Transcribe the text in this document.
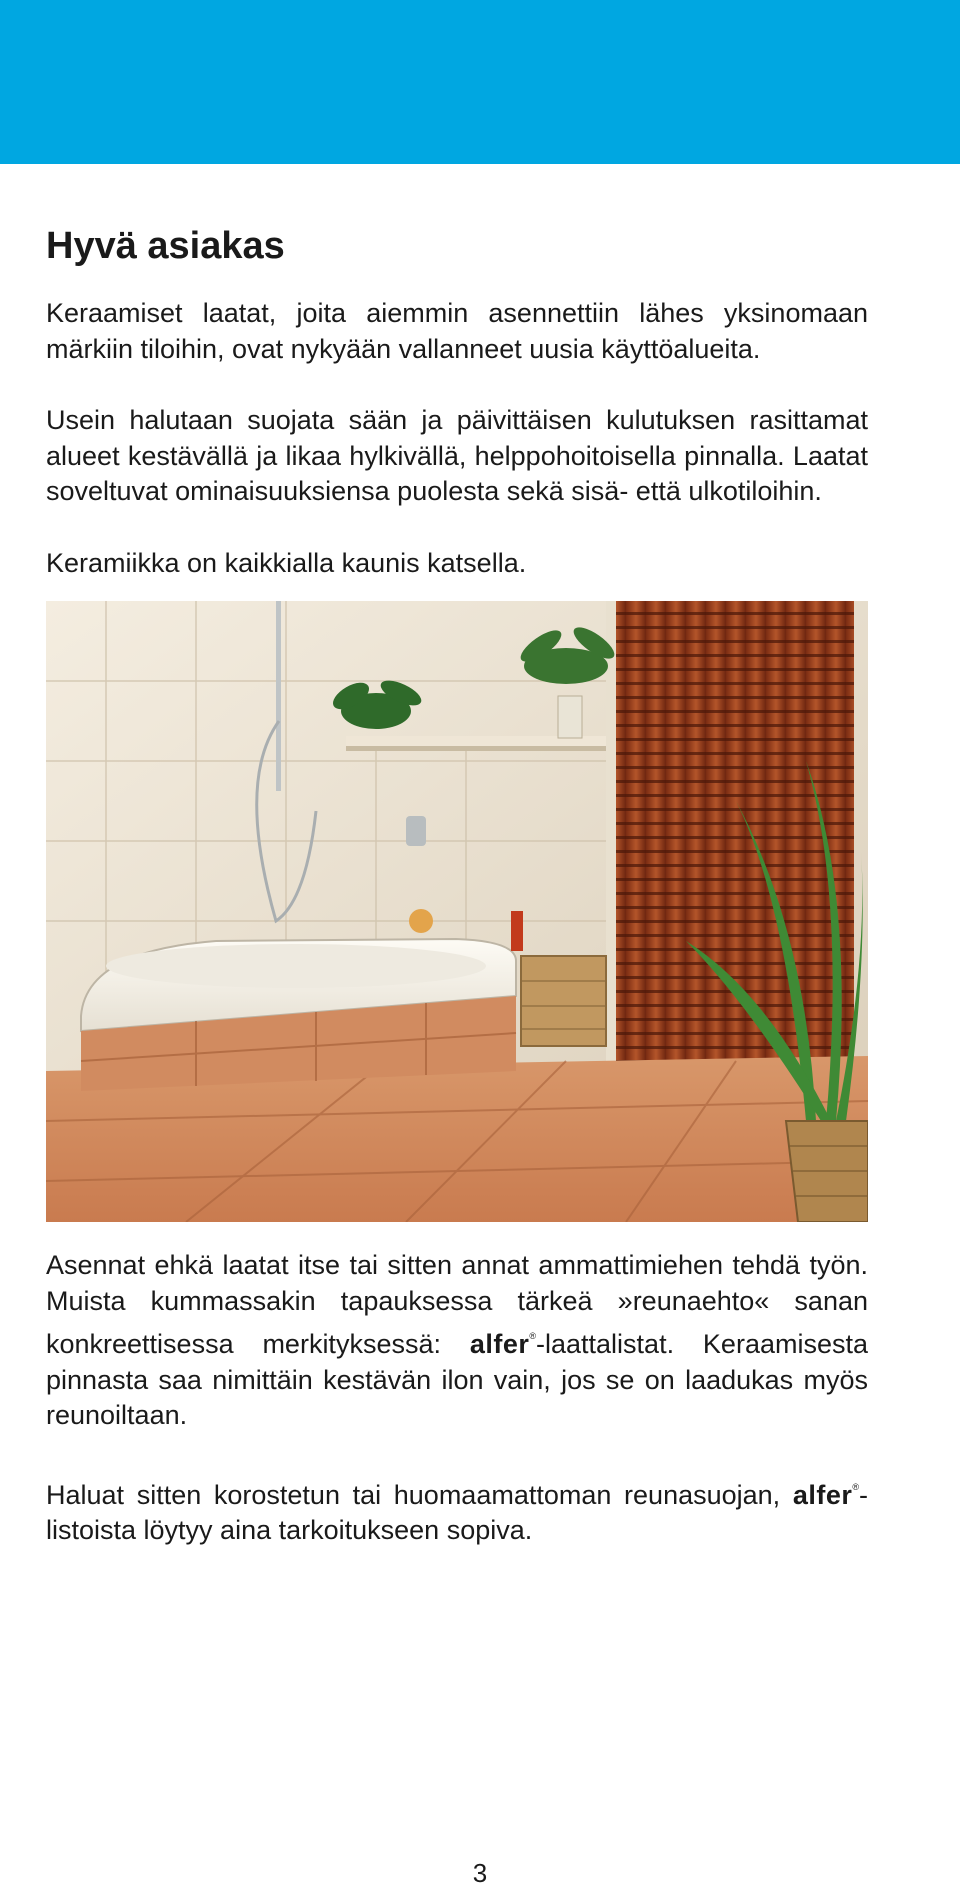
Hyvä asiakas

Keraamiset laatat, joita aiemmin asennettiin lähes yksinomaan märkiin tiloihin, ovat nykyään vallanneet uusia käyttöalueita.

Usein halutaan suojata sään ja päivittäisen kulutuksen rasittamat alueet kestävällä ja likaa hylkivällä, helppohoitoisella pinnalla. Laatat soveltuvat ominaisuuksiensa puolesta sekä sisä- että ulkotiloihin.

Keramiikka on kaikkialla kaunis katsella.

Asennat ehkä laatat itse tai sitten annat ammattimiehen tehdä työn. Muista kummassakin tapauksessa tärkeä »reunaehto« sanan konkreettisessa merkityksessä: alfer®-laattalistat. Keraamisesta pinnasta saa nimittäin kestävän ilon vain, jos se on laadukas myös reunoiltaan.

Haluat sitten korostetun tai huomaamattoman reunasuojan, alfer®-listoista löytyy aina tarkoitukseen sopiva.

3
